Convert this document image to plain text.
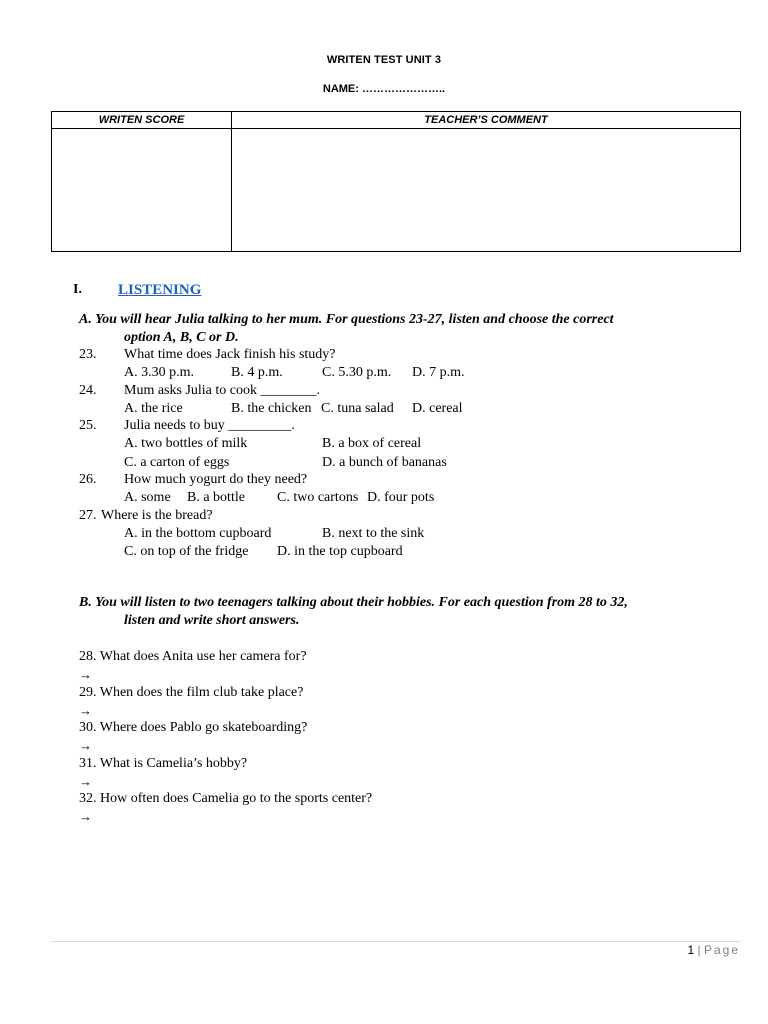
WRITEN TEST UNIT 3
NAME: …………………..
WRITEN SCORE	TEACHER’S COMMENT

I. LISTENING
A. You will hear Julia talking to her mum. For questions 23-27, listen and choose the correct
option A, B, C or D.
23. What time does Jack finish his study?
A. 3.30 p.m.	B. 4 p.m.	C. 5.30 p.m. D. 7 p.m.
24. Mum asks Julia to cook ________.
A. the rice	B. the chicken C. tuna salad D. cereal
25. Julia needs to buy _________.
A. two bottles of milk	B. a box of cereal
C. a carton of eggs	D. a bunch of bananas
26. How much yogurt do they need?
A. some B. a bottle C. two cartons D. four pots
27. Where is the bread?
A. in the bottom cupboard	B. next to the sink
C. on top of the fridge D. in the top cupboard
B. You will listen to two teenagers talking about their hobbies. For each question from 28 to 32,
listen and write short answers.
28. What does Anita use her camera for?
→
29. When does the film club take place?
→
30. Where does Pablo go skateboarding?
→
31. What is Camelia’s hobby?
→
32. How often does Camelia go to the sports center?
→
1 | Page
